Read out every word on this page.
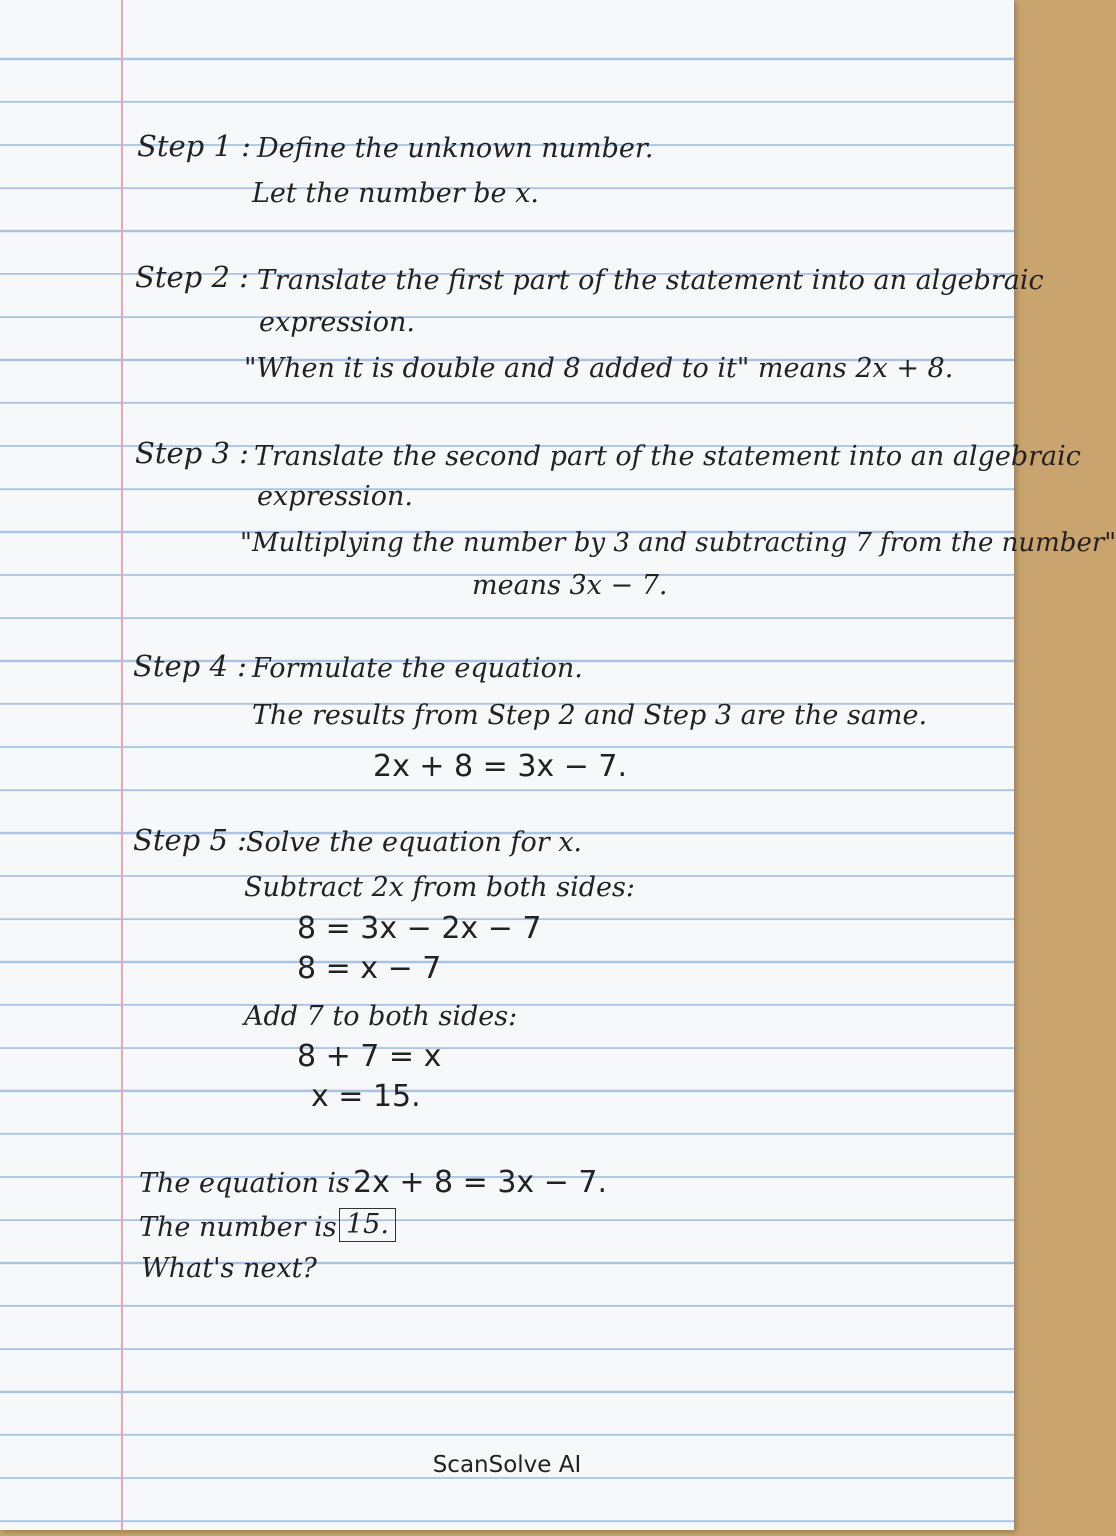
Step 1 : Define the unknown number.
Let the number be x.
Step 2 : Translate the first part of the statement into an algebraic
expression.
"When it is double and 8 added to it" means 2x + 8.
Step 3 : Translate the second part of the statement into an algebraic
expression.
"Multiplying the number by 3 and subtracting 7 from the number"
means 3x − 7.
Step 4 : Formulate the equation.
The results from Step 2 and Step 3 are the same.
2x + 8 = 3x − 7.
Step 5 : Solve the equation for x.
Subtract 2x from both sides:
8 = 3x − 2x − 7
8 = x − 7
Add 7 to both sides:
8 + 7 = x
x = 15.
The equation is 2x + 8 = 3x − 7.
The number is 15.
What's next?
ScanSolve AI
